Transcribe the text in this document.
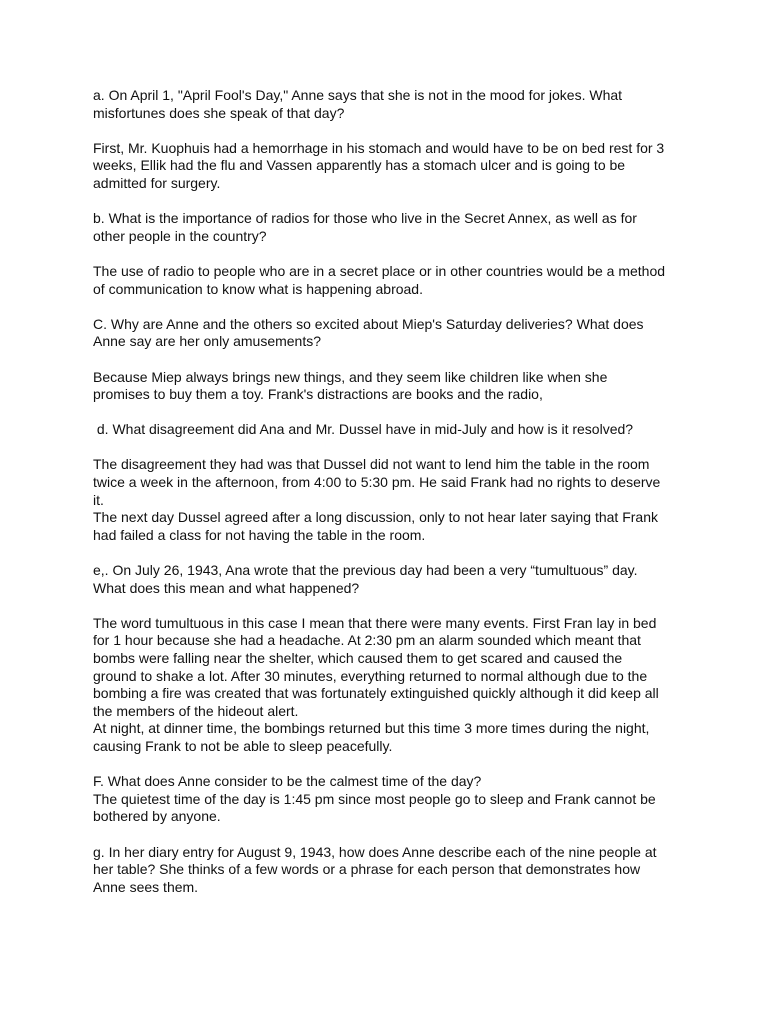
a. On April 1, "April Fool's Day," Anne says that she is not in the mood for jokes. What
misfortunes does she speak of that day?
First, Mr. Kuophuis had a hemorrhage in his stomach and would have to be on bed rest for 3
weeks, Ellik had the flu and Vassen apparently has a stomach ulcer and is going to be
admitted for surgery.
b. What is the importance of radios for those who live in the Secret Annex, as well as for
other people in the country?
The use of radio to people who are in a secret place or in other countries would be a method
of communication to know what is happening abroad.
C. Why are Anne and the others so excited about Miep's Saturday deliveries? What does
Anne say are her only amusements?
Because Miep always brings new things, and they seem like children like when she
promises to buy them a toy. Frank's distractions are books and the radio,
d. What disagreement did Ana and Mr. Dussel have in mid-July and how is it resolved?
The disagreement they had was that Dussel did not want to lend him the table in the room
twice a week in the afternoon, from 4:00 to 5:30 pm. He said Frank had no rights to deserve
it.
The next day Dussel agreed after a long discussion, only to not hear later saying that Frank
had failed a class for not having the table in the room.
e,. On July 26, 1943, Ana wrote that the previous day had been a very “tumultuous” day.
What does this mean and what happened?
The word tumultuous in this case I mean that there were many events. First Fran lay in bed
for 1 hour because she had a headache. At 2:30 pm an alarm sounded which meant that
bombs were falling near the shelter, which caused them to get scared and caused the
ground to shake a lot. After 30 minutes, everything returned to normal although due to the
bombing a fire was created that was fortunately extinguished quickly although it did keep all
the members of the hideout alert.
At night, at dinner time, the bombings returned but this time 3 more times during the night,
causing Frank to not be able to sleep peacefully.
F. What does Anne consider to be the calmest time of the day?
The quietest time of the day is 1:45 pm since most people go to sleep and Frank cannot be
bothered by anyone.
g. In her diary entry for August 9, 1943, how does Anne describe each of the nine people at
her table? She thinks of a few words or a phrase for each person that demonstrates how
Anne sees them.
